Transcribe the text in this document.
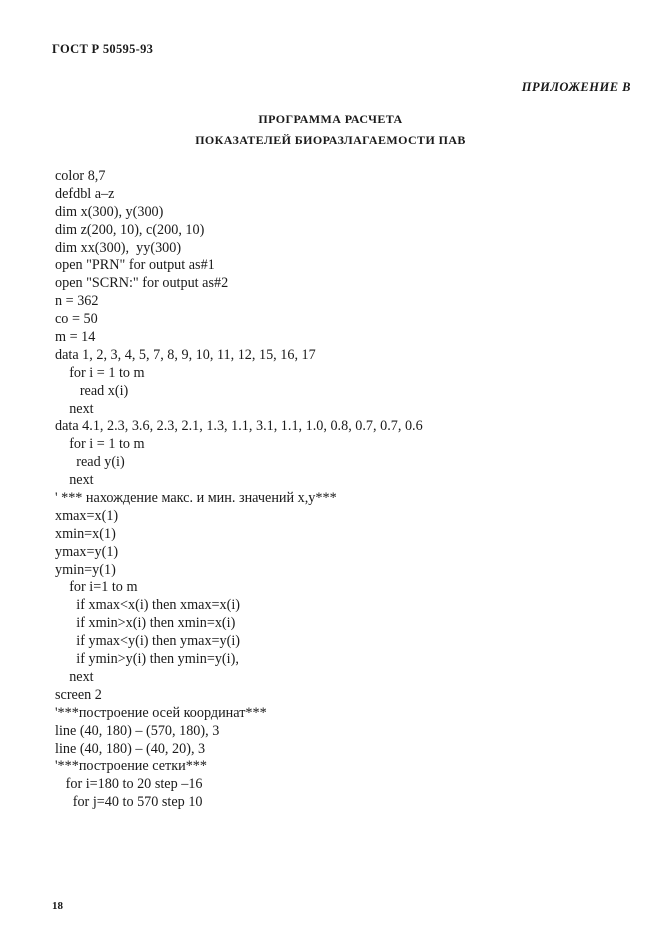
ГОСТ Р 50595-93
ПРИЛОЖЕНИЕ В
ПРОГРАММА РАСЧЕТА
ПОКАЗАТЕЛЕЙ БИОРАЗЛАГАЕМОСТИ ПАВ
color 8,7
defdbl a–z
dim x(300), y(300)
dim z(200, 10), c(200, 10)
dim xx(300),  yy(300)
open "PRN" for output as#1
open "SCRN:" for output as#2
n = 362
co = 50
m = 14
data 1, 2, 3, 4, 5, 7, 8, 9, 10, 11, 12, 15, 16, 17
for i = 1 to m
read x(i)
next
data 4.1, 2.3, 3.6, 2.3, 2.1, 1.3, 1.1, 3.1, 1.1, 1.0, 0.8, 0.7, 0.7, 0.6
for i = 1 to m
read y(i)
next
' *** нахождение макс. и мин. значений x,y***
xmax=x(1)
xmin=x(1)
ymax=y(1)
ymin=y(1)
for i=1 to m
if xmax<x(i) then xmax=x(i)
if xmin>x(i) then xmin=x(i)
if ymax<y(i) then ymax=y(i)
if ymin>y(i) then ymin=y(i),
next
screen 2
'***построение осей координат***
line (40, 180) – (570, 180), 3
line (40, 180) – (40, 20), 3
'***построение сетки***
for i=180 to 20 step –16
for j=40 to 570 step 10
18
